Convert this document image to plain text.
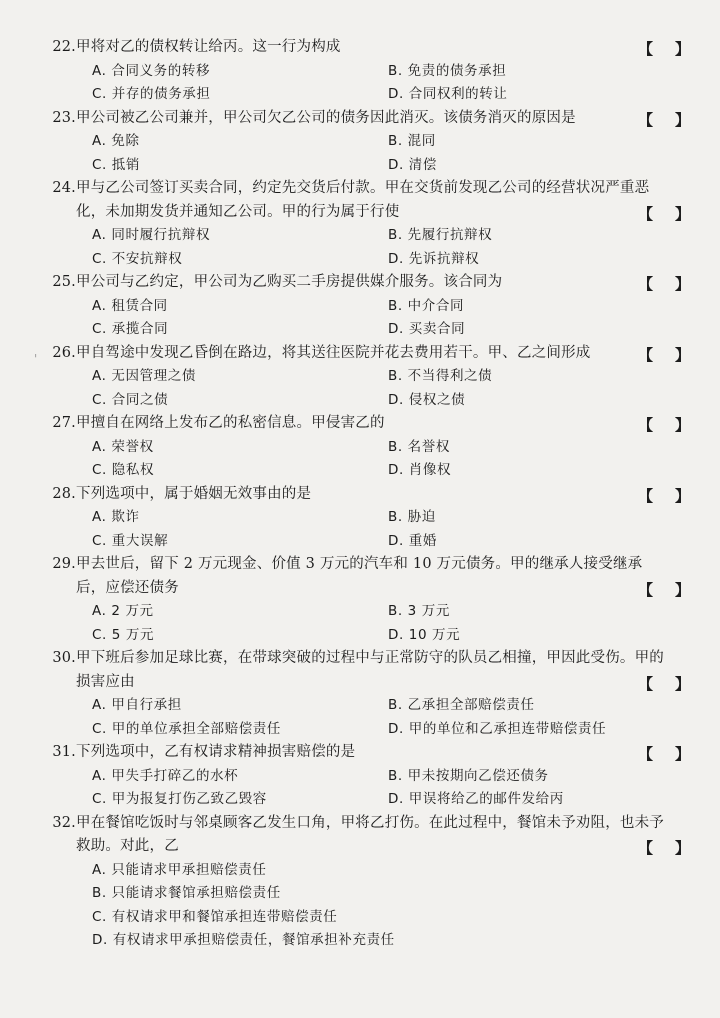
'
22. 甲将对乙的债权转让给丙。这一行为构成	【 】
A. 合同义务的转移	B. 免责的债务承担
C. 并存的债务承担	D. 合同权利的转让
23. 甲公司被乙公司兼并，甲公司欠乙公司的债务因此消灭。该债务消灭的原因是	【 】
A. 免除	B. 混同
C. 抵销	D. 清偿
24. 甲与乙公司签订买卖合同，约定先交货后付款。甲在交货前发现乙公司的经营状况严重恶化，未加期发货并通知乙公司。甲的行为属于行使	【 】
A. 同时履行抗辩权	B. 先履行抗辩权
C. 不安抗辩权	D. 先诉抗辩权
25. 甲公司与乙约定，甲公司为乙购买二手房提供媒介服务。该合同为	【 】
A. 租赁合同	B. 中介合同
C. 承揽合同	D. 买卖合同
26. 甲自驾途中发现乙昏倒在路边，将其送往医院并花去费用若干。甲、乙之间形成	【 】
A. 无因管理之债	B. 不当得利之债
C. 合同之债	D. 侵权之债
27. 甲擅自在网络上发布乙的私密信息。甲侵害乙的	【 】
A. 荣誉权	B. 名誉权
C. 隐私权	D. 肖像权
28. 下列选项中，属于婚姻无效事由的是	【 】
A. 欺诈	B. 胁迫
C. 重大误解	D. 重婚
29. 甲去世后，留下 2 万元现金、价值 3 万元的汽车和 10 万元债务。甲的继承人接受继承后，应偿还债务	【 】
A. 2 万元	B. 3 万元
C. 5 万元	D. 10 万元
30. 甲下班后参加足球比赛，在带球突破的过程中与正常防守的队员乙相撞，甲因此受伤。甲的损害应由	【 】
A. 甲自行承担	B. 乙承担全部赔偿责任
C. 甲的单位承担全部赔偿责任	D. 甲的单位和乙承担连带赔偿责任
31. 下列选项中，乙有权请求精神损害赔偿的是	【 】
A. 甲失手打碎乙的水杯	B. 甲未按期向乙偿还债务
C. 甲为报复打伤乙致乙毁容	D. 甲误将给乙的邮件发给丙
32. 甲在餐馆吃饭时与邻桌顾客乙发生口角，甲将乙打伤。在此过程中，餐馆未予劝阻，也未予救助。对此，乙	【 】
A. 只能请求甲承担赔偿责任
B. 只能请求餐馆承担赔偿责任
C. 有权请求甲和餐馆承担连带赔偿责任
D. 有权请求甲承担赔偿责任，餐馆承担补充责任
